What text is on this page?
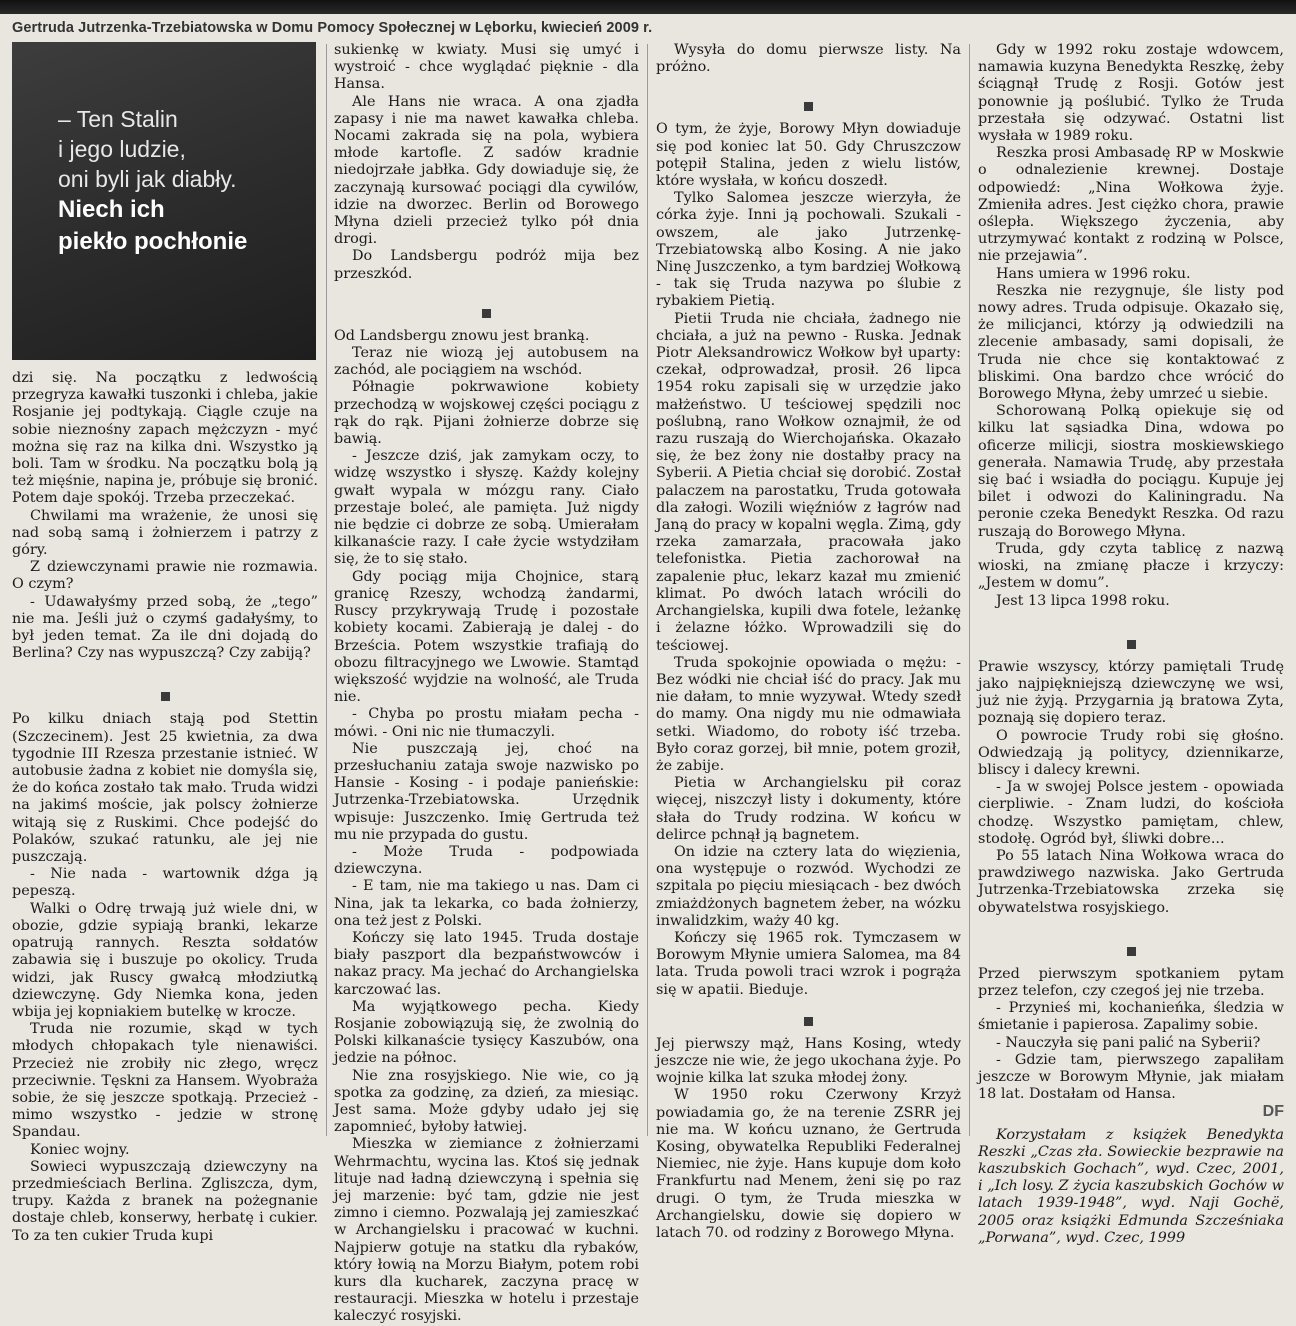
Gertruda Jutrzenka-Trzebiatowska w Domu Pomocy Społecznej w Lęborku, kwiecień 2009 r.
– Ten Stalin
i jego ludzie,
oni byli jak diabły.
Niech ich
piekło pochłonie

dzi się. Na początku z ledwością przegryza kawałki tuszonki i chleba, jakie Rosjanie jej podtykają. Ciągle czuje na sobie nieznośny zapach mężczyzn - myć można się raz na kilka dni. Wszystko ją boli. Tam w środku. Na początku bolą ją też mięśnie, napina je, próbuje się bronić. Potem daje spokój. Trzeba przeczekać.

Chwilami ma wrażenie, że unosi się nad sobą samą i żołnierzem i patrzy z góry.

Z dziewczynami prawie nie rozmawia. O czym?

- Udawałyśmy przed sobą, że „tego” nie ma. Jeśli już o czymś gadałyśmy, to był jeden temat. Za ile dni dojadą do Berlina? Czy nas wypuszczą? Czy zabiją?

Po kilku dniach stają pod Stettin (Szczecinem). Jest 25 kwietnia, za dwa tygodnie III Rzesza przestanie istnieć. W autobusie żadna z kobiet nie domyśla się, że do końca zostało tak mało. Truda widzi na jakimś moście, jak polscy żołnierze witają się z Ruskimi. Chce podejść do Polaków, szukać ratunku, ale jej nie puszczają.

- Nie nada - wartownik dźga ją pepeszą.

Walki o Odrę trwają już wiele dni, w obozie, gdzie sypiają branki, lekarze opatrują rannych. Reszta sołdatów zabawia się i buszuje po okolicy. Truda widzi, jak Ruscy gwałcą młodziutką dziewczynę. Gdy Niemka kona, jeden wbija jej kopniakiem butelkę w krocze.

Truda nie rozumie, skąd w tych młodych chłopakach tyle nienawiści. Przecież nie zrobiły nic złego, wręcz przeciwnie. Tęskni za Hansem. Wyobraża sobie, że się jeszcze spotkają. Przecież - mimo wszystko - jedzie w stronę Spandau.

Koniec wojny.

Sowieci wypuszczają dziewczyny na przedmieściach Berlina. Zgliszcza, dym, trupy. Każda z branek na pożegnanie dostaje chleb, konserwy, herbatę i cukier. To za ten cukier Truda kupi

sukienkę w kwiaty. Musi się umyć i wystroić - chce wyglądać pięknie - dla Hansa.

Ale Hans nie wraca. A ona zjadła zapasy i nie ma nawet kawałka chleba. Nocami zakrada się na pola, wybiera młode kartofle. Z sadów kradnie niedojrzałe jabłka. Gdy dowiaduje się, że zaczynają kursować pociągi dla cywilów, idzie na dworzec. Berlin od Borowego Młyna dzieli przecież tylko pół dnia drogi.

Do Landsbergu podróż mija bez przeszkód.

Od Landsbergu znowu jest branką.

Teraz nie wiozą jej autobusem na zachód, ale pociągiem na wschód.

Półnagie pokrwawione kobiety przechodzą w wojskowej części pociągu z rąk do rąk. Pijani żołnierze dobrze się bawią.

- Jeszcze dziś, jak zamykam oczy, to widzę wszystko i słyszę. Każdy kolejny gwałt wypala w mózgu rany. Ciało przestaje boleć, ale pamięta. Już nigdy nie będzie ci dobrze ze sobą. Umierałam kilkanaście razy. I całe życie wstydziłam się, że to się stało.

Gdy pociąg mija Chojnice, starą granicę Rzeszy, wchodzą żandarmi, Ruscy przykrywają Trudę i pozostałe kobiety kocami. Zabierają je dalej - do Brześcia. Potem wszystkie trafiają do obozu filtracyjnego we Lwowie. Stamtąd większość wyjdzie na wolność, ale Truda nie.

- Chyba po prostu miałam pecha - mówi. - Oni nic nie tłumaczyli.

Nie puszczają jej, choć na przesłuchaniu zataja swoje nazwisko po Hansie - Kosing - i podaje panieńskie: Jutrzenka-Trzebiatowska. Urzędnik wpisuje: Juszczenko. Imię Gertruda też mu nie przypada do gustu.

- Może Truda - podpowiada dziewczyna.

- E tam, nie ma takiego u nas. Dam ci Nina, jak ta lekarka, co bada żołnierzy, ona też jest z Polski.

Kończy się lato 1945. Truda dostaje biały paszport dla bezpaństwowców i nakaz pracy. Ma jechać do Archangielska karczować las.

Ma wyjątkowego pecha. Kiedy Rosjanie zobowiązują się, że zwolnią do Polski kilkanaście tysięcy Kaszubów, ona jedzie na północ.

Nie zna rosyjskiego. Nie wie, co ją spotka za godzinę, za dzień, za miesiąc. Jest sama. Może gdyby udało jej się zapomnieć, byłoby łatwiej.

Mieszka w ziemiance z żołnierzami Wehrmachtu, wycina las. Ktoś się jednak lituje nad ładną dziewczyną i spełnia się jej marzenie: być tam, gdzie nie jest zimno i ciemno. Pozwalają jej zamieszkać w Archangielsku i pracować w kuchni. Najpierw gotuje na statku dla rybaków, który łowią na Morzu Białym, potem robi kurs dla kucharek, zaczyna pracę w restauracji. Mieszka w hotelu i przestaje kaleczyć rosyjski.

Wysyła do domu pierwsze listy. Na próżno.

O tym, że żyje, Borowy Młyn dowiaduje się pod koniec lat 50. Gdy Chruszczow potępił Stalina, jeden z wielu listów, które wysłała, w końcu doszedł.

Tylko Salomea jeszcze wierzyła, że córka żyje. Inni ją pochowali. Szukali - owszem, ale jako Jutrzenkę-Trzebiatowską albo Kosing. A nie jako Ninę Juszczenko, a tym bardziej Wołkową - tak się Truda nazywa po ślubie z rybakiem Pietią.

Pietii Truda nie chciała, żadnego nie chciała, a już na pewno - Ruska. Jednak Piotr Aleksandrowicz Wołkow był uparty: czekał, odprowadzał, prosił. 26 lipca 1954 roku zapisali się w urzędzie jako małżeństwo. U teściowej spędzili noc poślubną, rano Wołkow oznajmił, że od razu ruszają do Wierchojańska. Okazało się, że bez żony nie dostałby pracy na Syberii. A Pietia chciał się dorobić. Został palaczem na parostatku, Truda gotowała dla załogi. Wozili więźniów z łagrów nad Janą do pracy w kopalni węgla. Zimą, gdy rzeka zamarzała, pracowała jako telefonistka. Pietia zachorował na zapalenie płuc, lekarz kazał mu zmienić klimat. Po dwóch latach wrócili do Archangielska, kupili dwa fotele, leżankę i żelazne łóżko. Wprowadzili się do teściowej.

Truda spokojnie opowiada o mężu: - Bez wódki nie chciał iść do pracy. Jak mu nie dałam, to mnie wyzywał. Wtedy szedł do mamy. Ona nigdy mu nie odmawiała setki. Wiadomo, do roboty iść trzeba. Było coraz gorzej, bił mnie, potem groził, że zabije.

Pietia w Archangielsku pił coraz więcej, niszczył listy i dokumenty, które słała do Trudy rodzina. W końcu w delirce pchnął ją bagnetem.

On idzie na cztery lata do więzienia, ona występuje o rozwód. Wychodzi ze szpitala po pięciu miesiącach - bez dwóch zmiażdżonych bagnetem żeber, na wózku inwalidzkim, waży 40 kg.

Kończy się 1965 rok. Tymczasem w Borowym Młynie umiera Salomea, ma 84 lata. Truda powoli traci wzrok i pogrąża się w apatii. Bieduje.

Jej pierwszy mąż, Hans Kosing, wtedy jeszcze nie wie, że jego ukochana żyje. Po wojnie kilka lat szuka młodej żony.

W 1950 roku Czerwony Krzyż powiadamia go, że na terenie ZSRR jej nie ma. W końcu uznano, że Gertruda Kosing, obywatelka Republiki Federalnej Niemiec, nie żyje. Hans kupuje dom koło Frankfurtu nad Menem, żeni się po raz drugi. O tym, że Truda mieszka w Archangielsku, dowie się dopiero w latach 70. od rodziny z Borowego Młyna.

Gdy w 1992 roku zostaje wdowcem, namawia kuzyna Benedykta Reszkę, żeby ściągnął Trudę z Rosji. Gotów jest ponownie ją poślubić. Tylko że Truda przestała się odzywać. Ostatni list wysłała w 1989 roku.

Reszka prosi Ambasadę RP w Moskwie o odnalezienie krewnej. Dostaje odpowiedź: „Nina Wołkowa żyje. Zmieniła adres. Jest ciężko chora, prawie oślepła. Większego życzenia, aby utrzymywać kontakt z rodziną w Polsce, nie przejawia”.

Hans umiera w 1996 roku.

Reszka nie rezygnuje, śle listy pod nowy adres. Truda odpisuje. Okazało się, że milicjanci, którzy ją odwiedzili na zlecenie ambasady, sami dopisali, że Truda nie chce się kontaktować z bliskimi. Ona bardzo chce wrócić do Borowego Młyna, żeby umrzeć u siebie.

Schorowaną Polką opiekuje się od kilku lat sąsiadka Dina, wdowa po oficerze milicji, siostra moskiewskiego generała. Namawia Trudę, aby przestała się bać i wsiadła do pociągu. Kupuje jej bilet i odwozi do Kaliningradu. Na peronie czeka Benedykt Reszka. Od razu ruszają do Borowego Młyna.

Truda, gdy czyta tablicę z nazwą wioski, na zmianę płacze i krzyczy: „Jestem w domu”.

Jest 13 lipca 1998 roku.

Prawie wszyscy, którzy pamiętali Trudę jako najpiękniejszą dziewczynę we wsi, już nie żyją. Przygarnia ją bratowa Zyta, poznają się dopiero teraz.

O powrocie Trudy robi się głośno. Odwiedzają ją politycy, dziennikarze, bliscy i dalecy krewni.

- Ja w swojej Polsce jestem - opowiada cierpliwie. - Znam ludzi, do kościoła chodzę. Wszystko pamiętam, chlew, stodołę. Ogród był, śliwki dobre...

Po 55 latach Nina Wołkowa wraca do prawdziwego nazwiska. Jako Gertruda Jutrzenka-Trzebiatowska zrzeka się obywatelstwa rosyjskiego.

Przed pierwszym spotkaniem pytam przez telefon, czy czegoś jej nie trzeba.

- Przynieś mi, kochanieńka, śledzia w śmietanie i papierosa. Zapalimy sobie.

- Nauczyła się pani palić na Syberii?

- Gdzie tam, pierwszego zapaliłam jeszcze w Borowym Młynie, jak miałam 18 lat. Dostałam od Hansa.

DF

Korzystałam z książek Benedykta Reszki „Czas zła. Sowieckie bezprawie na kaszubskich Gochach”, wyd. Czec, 2001, i „Ich losy. Z życia kaszubskich Gochów w latach 1939-1948”, wyd. Naji Gochë, 2005 oraz książki Edmunda Szcześniaka „Porwana”, wyd. Czec, 1999
